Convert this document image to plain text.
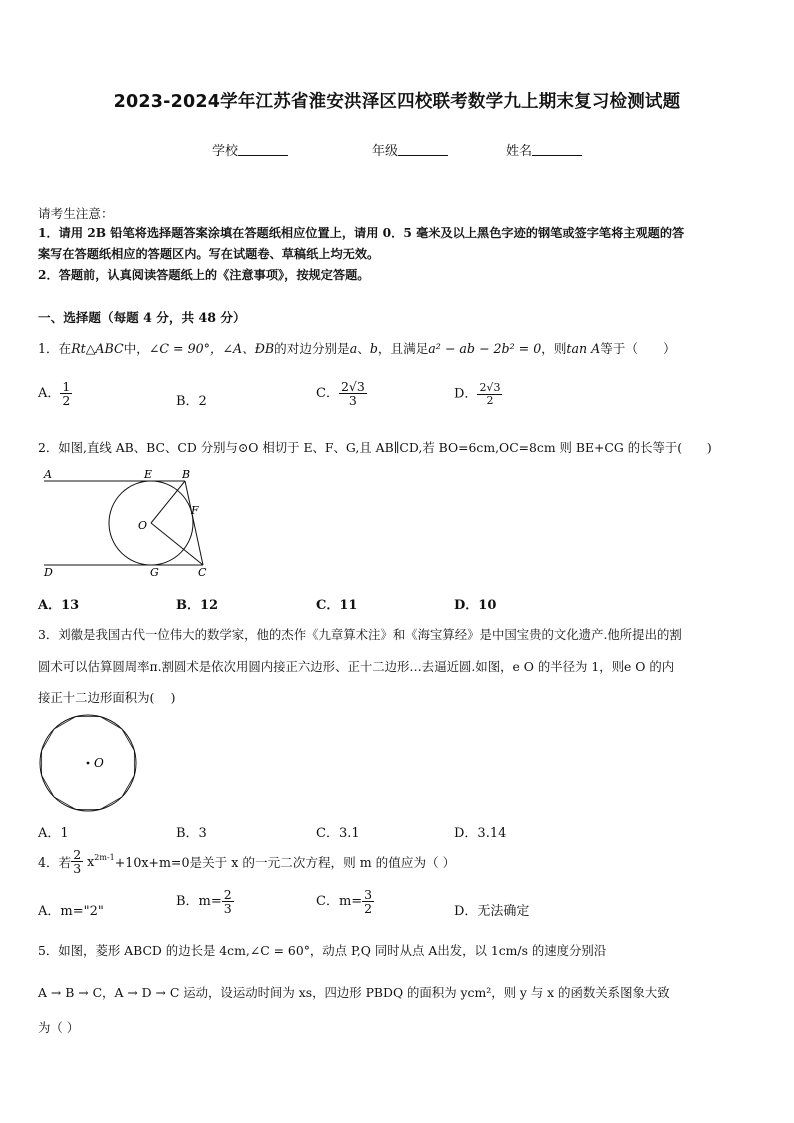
2023-2024学年江苏省淮安洪泽区四校联考数学九上期末复习检测试题
学校	年级	姓名
请考生注意：
1．请用 2B 铅笔将选择题答案涂填在答题纸相应位置上，请用 0．5 毫米及以上黑色字迹的钢笔或签字笔将主观题的答
案写在答题纸相应的答题区内。写在试题卷、草稿纸上均无效。
2．答题前，认真阅读答题纸上的《注意事项》，按规定答题。
一、选择题（每题 4 分，共 48 分）
1．在Rt△ABC中，∠C = 90°，∠A、ÐB的对边分别是a、b，且满足a² − ab − 2b² = 0，则tan A等于（　　）
A． $\frac{1}{2}$	B．2
C． $\frac{2√3}{3}$	D． $\frac{2√3}{2}$
2．如图,直线 AB、BC、CD 分别与⊙O 相切于 E、F、G,且 AB∥CD,若 BO=6cm,OC=8cm 则 BE+CG 的长等于(　　)
A	E	B
O
F
D	G	C
A．13	B．12	C．11	D．10
3．刘徽是我国古代一位伟大的数学家，他的杰作《九章算术注》和《海宝算经》是中国宝贵的文化遗产.他所提出的割
圆术可以估算圆周率π.割圆术是依次用圆内接正六边形、正十二边形…去逼近圆.如图，e O 的半径为 1，则e O 的内
接正十二边形面积为(　 )
O
A．1	B．3	C．3.1	D．3.14
4．若 $\frac{2}{3} x^{2m-1}+10x+m=0$是关于 x 的一元二次方程，则 m 的值应为（ ）
A．m="2"
B．$m= \frac{2}{3}$	C．$m= \frac{3}{2}$	D．无法确定
5．如图，菱形 ABCD 的边长是 4cm,∠C = 60°，动点 P,Q 同时从点 A出发，以 1cm/s 的速度分别沿
A → B → C，A → D → C 运动，设运动时间为 xs，四边形 PBDQ 的面积为 ycm²，则 y 与 x 的函数关系图象大致
为（ ）
